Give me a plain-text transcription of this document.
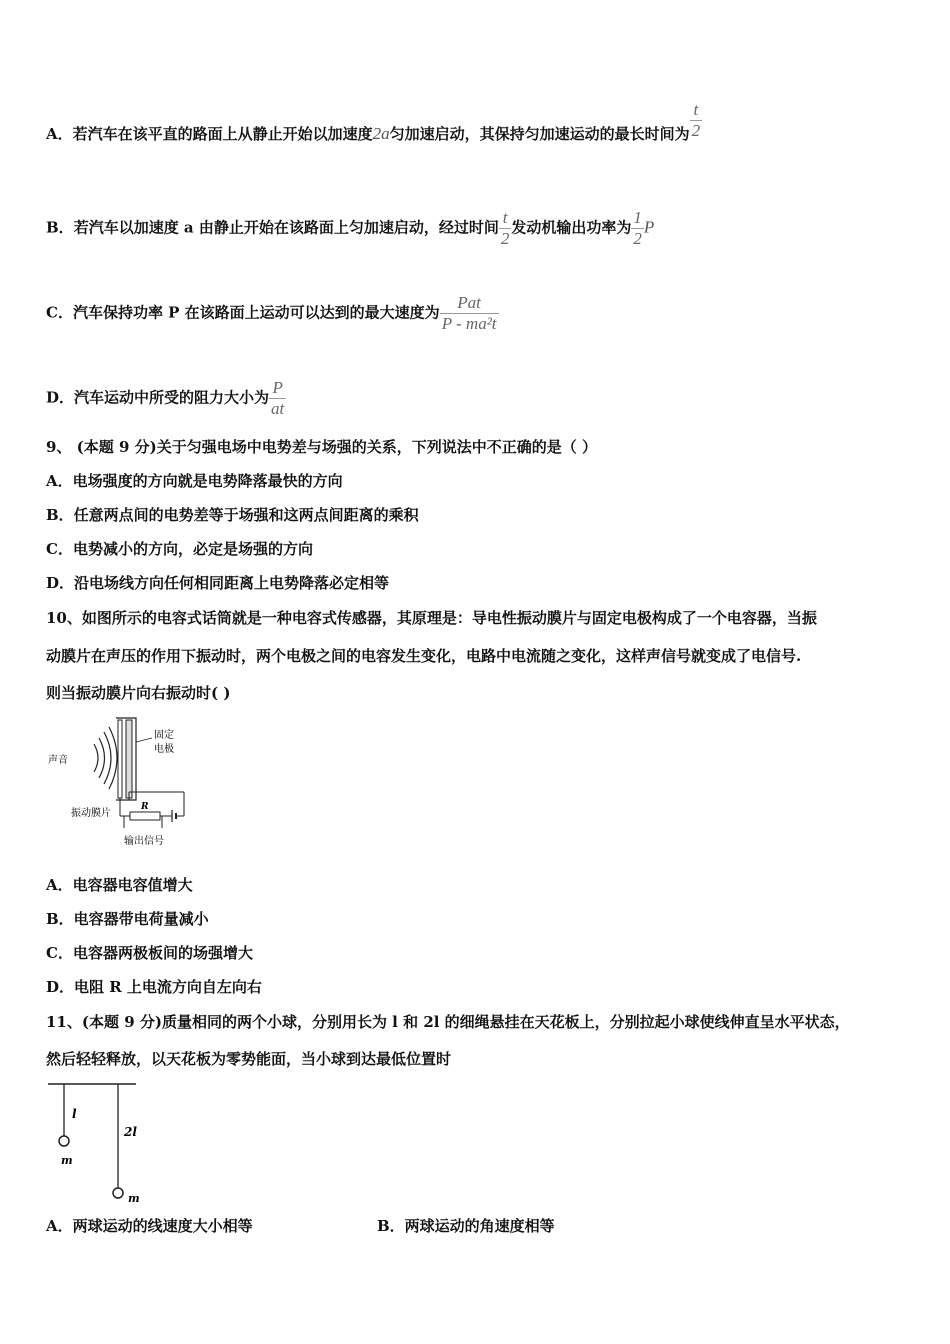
A．若汽车在该平直的路面上从静止开始以加速度2a匀加速启动，其保持匀加速运动的最长时间为 $\frac{t}{2}$
B．若汽车以加速度 a 由静止开始在该路面上匀加速启动，经过时间 $\frac{t}{2}$ 发动机输出功率为 $\frac{1}{2}$ P
C．汽车保持功率 P 在该路面上运动可以达到的最大速度为 $\frac{\text{Pat}}{\text{P - ma²t}}$
D．汽车运动中所受的阻力大小为 $\frac{P}{at}$
9、 (本题 9 分)关于匀强电场中电势差与场强的关系，下列说法中不正确的是（ ）
A．电场强度的方向就是电势降落最快的方向
B．任意两点间的电势差等于场强和这两点间距离的乘积
C．电势减小的方向，必定是场强的方向
D．沿电场线方向任何相同距离上电势降落必定相等
10、如图所示的电容式话筒就是一种电容式传感器，其原理是：导电性振动膜片与固定电极构成了一个电容器，当振
动膜片在声压的作用下振动时，两个电极之间的电容发生变化，电路中电流随之变化，这样声信号就变成了电信号.
则当振动膜片向右振动时( )
声音
固定
电极
R
振动膜片
输出信号
A．电容器电容值增大
B．电容器带电荷量减小
C．电容器两极板间的场强增大
D．电阻 R 上电流方向自左向右
11、(本题 9 分)质量相同的两个小球，分别用长为 l 和 2l 的细绳悬挂在天花板上，分别拉起小球使线伸直呈水平状态，
然后轻轻释放，以天花板为零势能面，当小球到达最低位置时
l
m
2l
m
A．两球运动的线速度大小相等	B．两球运动的角速度相等
